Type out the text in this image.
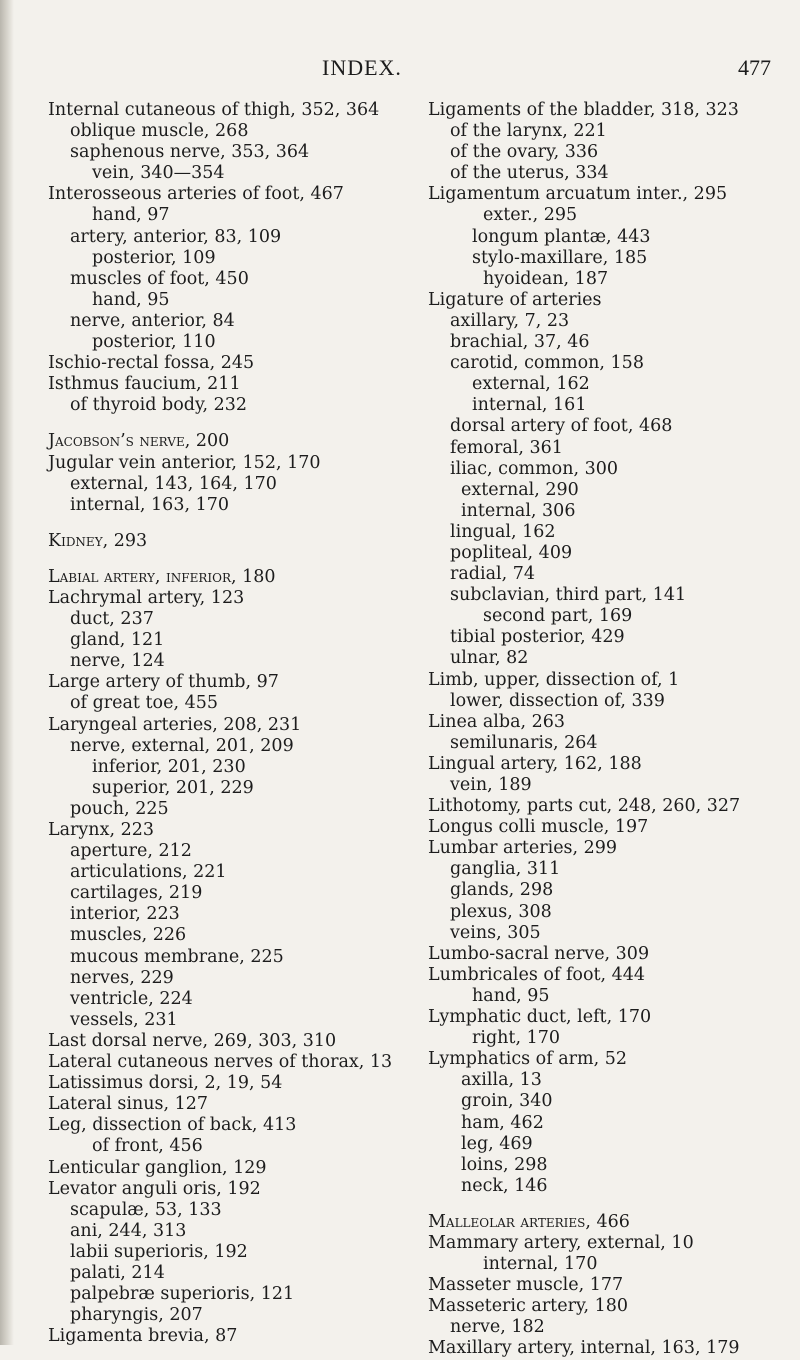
INDEX.	477
Internal cutaneous of thigh, 352, 364
oblique muscle, 268
saphenous nerve, 353, 364
vein, 340—354
Interosseous arteries of foot, 467
hand, 97
artery, anterior, 83, 109
posterior, 109
muscles of foot, 450
hand, 95
nerve, anterior, 84
posterior, 110
Ischio-rectal fossa, 245
Isthmus faucium, 211
of thyroid body, 232
Jacobson’s nerve, 200
Jugular vein anterior, 152, 170
external, 143, 164, 170
internal, 163, 170
Kidney, 293
Labial artery, inferior, 180
Lachrymal artery, 123
duct, 237
gland, 121
nerve, 124
Large artery of thumb, 97
of great toe, 455
Laryngeal arteries, 208, 231
nerve, external, 201, 209
inferior, 201, 230
superior, 201, 229
pouch, 225
Larynx, 223
aperture, 212
articulations, 221
cartilages, 219
interior, 223
muscles, 226
mucous membrane, 225
nerves, 229
ventricle, 224
vessels, 231
Last dorsal nerve, 269, 303, 310
Lateral cutaneous nerves of thorax, 13
Latissimus dorsi, 2, 19, 54
Lateral sinus, 127
Leg, dissection of back, 413
of front, 456
Lenticular ganglion, 129
Levator anguli oris, 192
scapulæ, 53, 133
ani, 244, 313
labii superioris, 192
palati, 214
palpebræ superioris, 121
pharyngis, 207
Ligamenta brevia, 87
Ligaments of the bladder, 318, 323
of the larynx, 221
of the ovary, 336
of the uterus, 334
Ligamentum arcuatum inter., 295
exter., 295
longum plantæ, 443
stylo-maxillare, 185
hyoidean, 187
Ligature of arteries
axillary, 7, 23
brachial, 37, 46
carotid, common, 158
external, 162
internal, 161
dorsal artery of foot, 468
femoral, 361
iliac, common, 300
external, 290
internal, 306
lingual, 162
popliteal, 409
radial, 74
subclavian, third part, 141
second part, 169
tibial posterior, 429
ulnar, 82
Limb, upper, dissection of, 1
lower, dissection of, 339
Linea alba, 263
semilunaris, 264
Lingual artery, 162, 188
vein, 189
Lithotomy, parts cut, 248, 260, 327
Longus colli muscle, 197
Lumbar arteries, 299
ganglia, 311
glands, 298
plexus, 308
veins, 305
Lumbo-sacral nerve, 309
Lumbricales of foot, 444
hand, 95
Lymphatic duct, left, 170
right, 170
Lymphatics of arm, 52
axilla, 13
groin, 340
ham, 462
leg, 469
loins, 298
neck, 146
Malleolar arteries, 466
Mammary artery, external, 10
internal, 170
Masseter muscle, 177
Masseteric artery, 180
nerve, 182
Maxillary artery, internal, 163, 179
